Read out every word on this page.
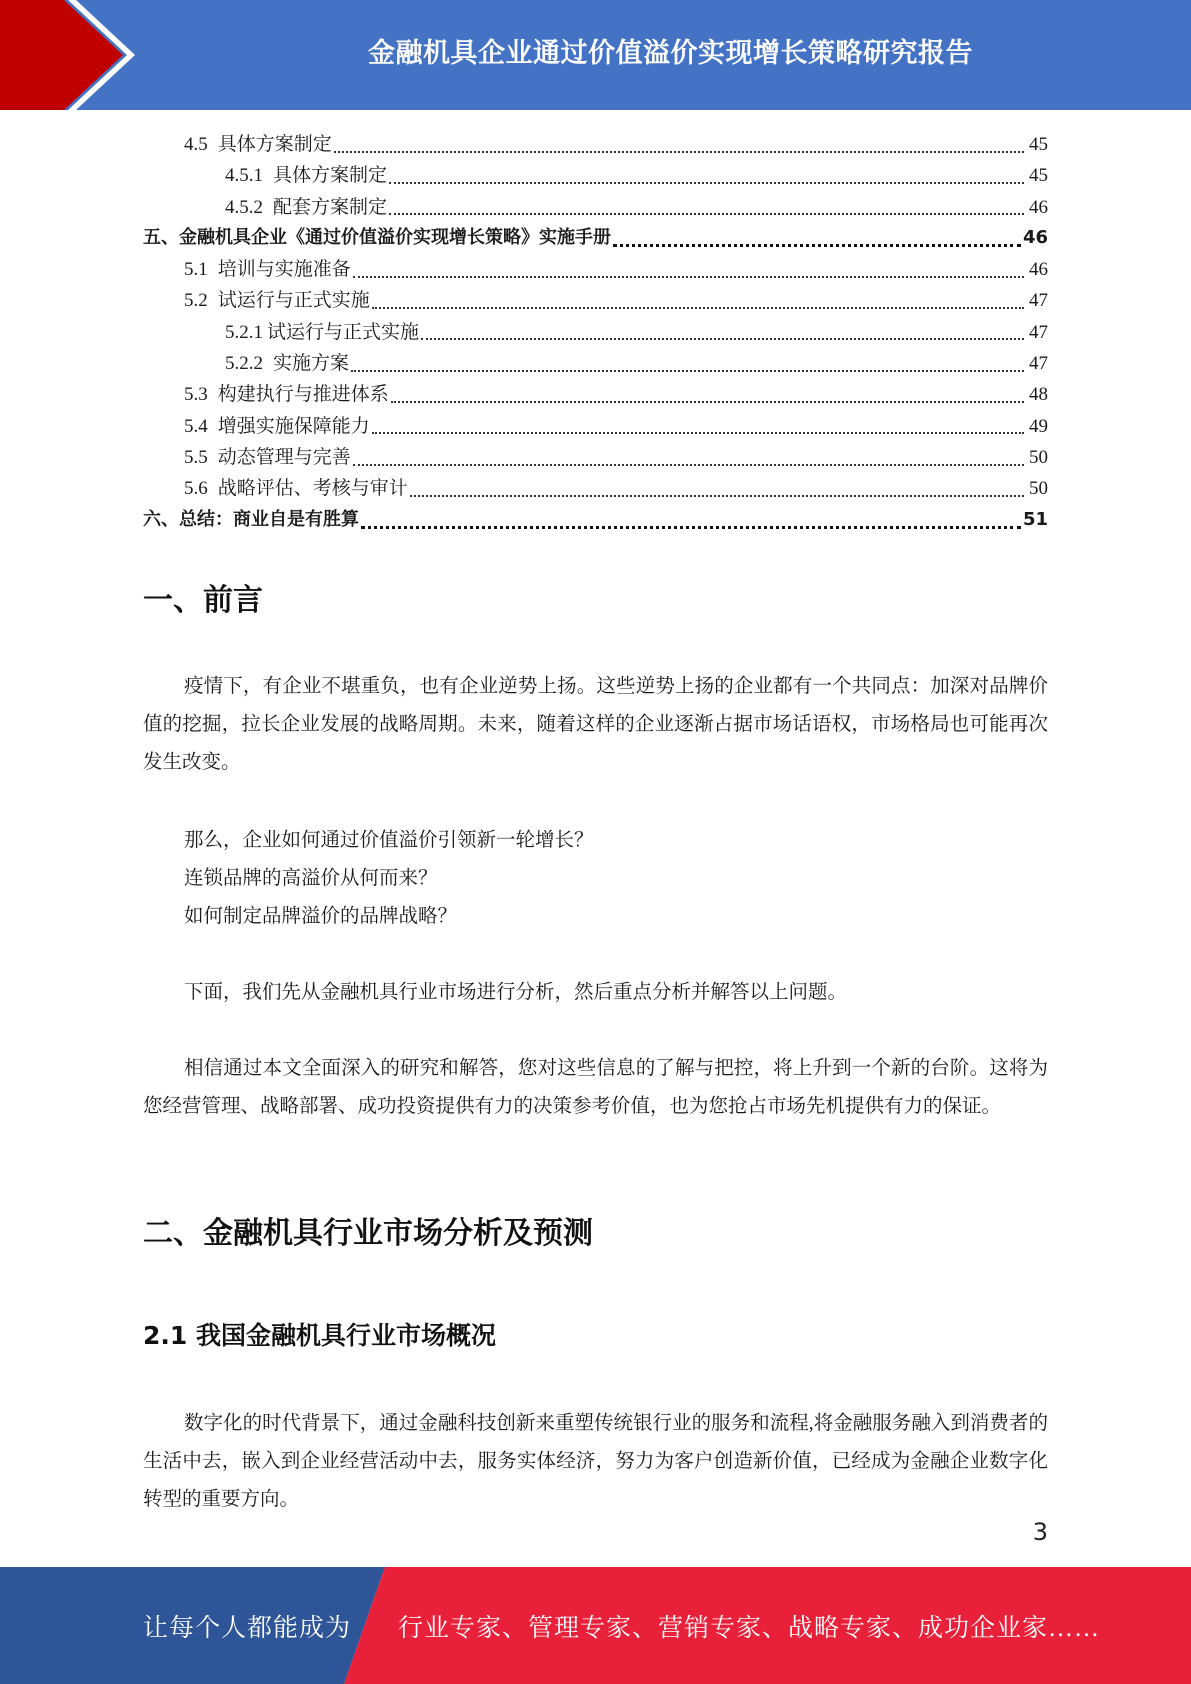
金融机具企业通过价值溢价实现增长策略研究报告
4.5 具体方案制定	45
4.5.1 具体方案制定	45
4.5.2 配套方案制定	46
五、金融机具企业《通过价值溢价实现增长策略》实施手册	46
5.1 培训与实施准备	46
5.2 试运行与正式实施	47
5.2.1 试运行与正式实施	47
5.2.2 实施方案	47
5.3 构建执行与推进体系	48
5.4 增强实施保障能力	49
5.5 动态管理与完善	50
5.6 战略评估、考核与审计	50
六、总结：商业自是有胜算	51
一、前言

疫情下，有企业不堪重负，也有企业逆势上扬。这些逆势上扬的企业都有一个共同点：加深对品牌价值的挖掘，拉长企业发展的战略周期。未来，随着这样的企业逐渐占据市场话语权，市场格局也可能再次发生改变。

那么，企业如何通过价值溢价引领新一轮增长？

连锁品牌的高溢价从何而来？

如何制定品牌溢价的品牌战略？

下面，我们先从金融机具行业市场进行分析，然后重点分析并解答以上问题。

相信通过本文全面深入的研究和解答，您对这些信息的了解与把控，将上升到一个新的台阶。这将为您经营管理、战略部署、成功投资提供有力的决策参考价值，也为您抢占市场先机提供有力的保证。

二、金融机具行业市场分析及预测
2.1 我国金融机具行业市场概况

数字化的时代背景下，通过金融科技创新来重塑传统银行业的服务和流程,将金融服务融入到消费者的生活中去，嵌入到企业经营活动中去，服务实体经济，努力为客户创造新价值，已经成为金融企业数字化转型的重要方向。

3
让每个人都能成为 行业专家、管理专家、营销专家、战略专家、成功企业家……
